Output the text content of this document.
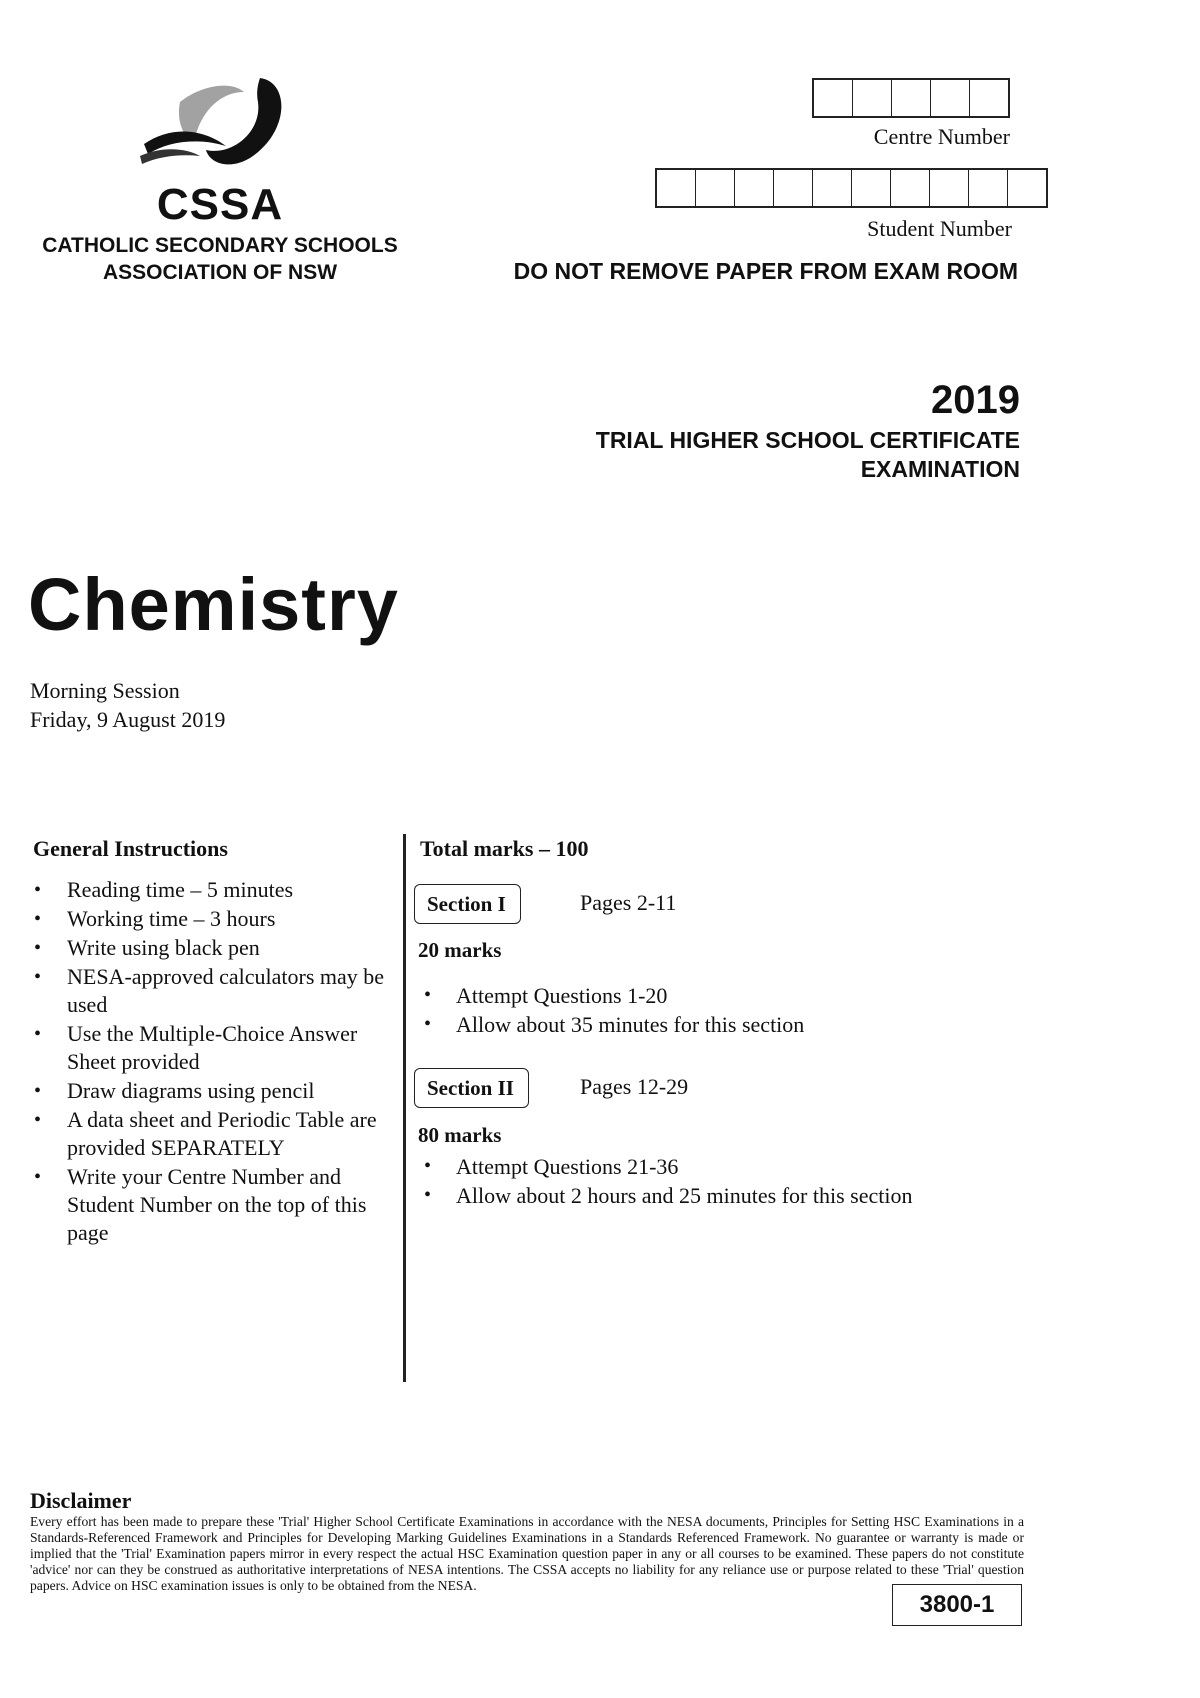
CSSA
CATHOLIC SECONDARY SCHOOLS
ASSOCIATION OF NSW
Centre Number
Student Number
DO NOT REMOVE PAPER FROM EXAM ROOM
2019
TRIAL HIGHER SCHOOL CERTIFICATE
EXAMINATION
Chemistry
Morning Session
Friday, 9 August 2019
General Instructions
• Reading time – 5 minutes
• Working time – 3 hours
• Write using black pen
• NESA-approved calculators may be used
• Use the Multiple-Choice Answer Sheet provided
• Draw diagrams using pencil
• A data sheet and Periodic Table are provided SEPARATELY
• Write your Centre Number and Student Number on the top of this page
Total marks – 100
Section I	Pages 2-11
20 marks
• Attempt Questions 1-20
• Allow about 35 minutes for this section
Section II	Pages 12-29
80 marks
• Attempt Questions 21-36
• Allow about 2 hours and 25 minutes for this section
Disclaimer
Every effort has been made to prepare these 'Trial' Higher School Certificate Examinations in accordance with the NESA documents, Principles for Setting HSC Examinations in a Standards-Referenced Framework and Principles for Developing Marking Guidelines Examinations in a Standards Referenced Framework. No guarantee or warranty is made or implied that the 'Trial' Examination papers mirror in every respect the actual HSC Examination question paper in any or all courses to be examined. These papers do not constitute 'advice' nor can they be construed as authoritative interpretations of NESA intentions. The CSSA accepts no liability for any reliance use or purpose related to these 'Trial' question papers. Advice on HSC examination issues is only to be obtained from the NESA.
3800-1
